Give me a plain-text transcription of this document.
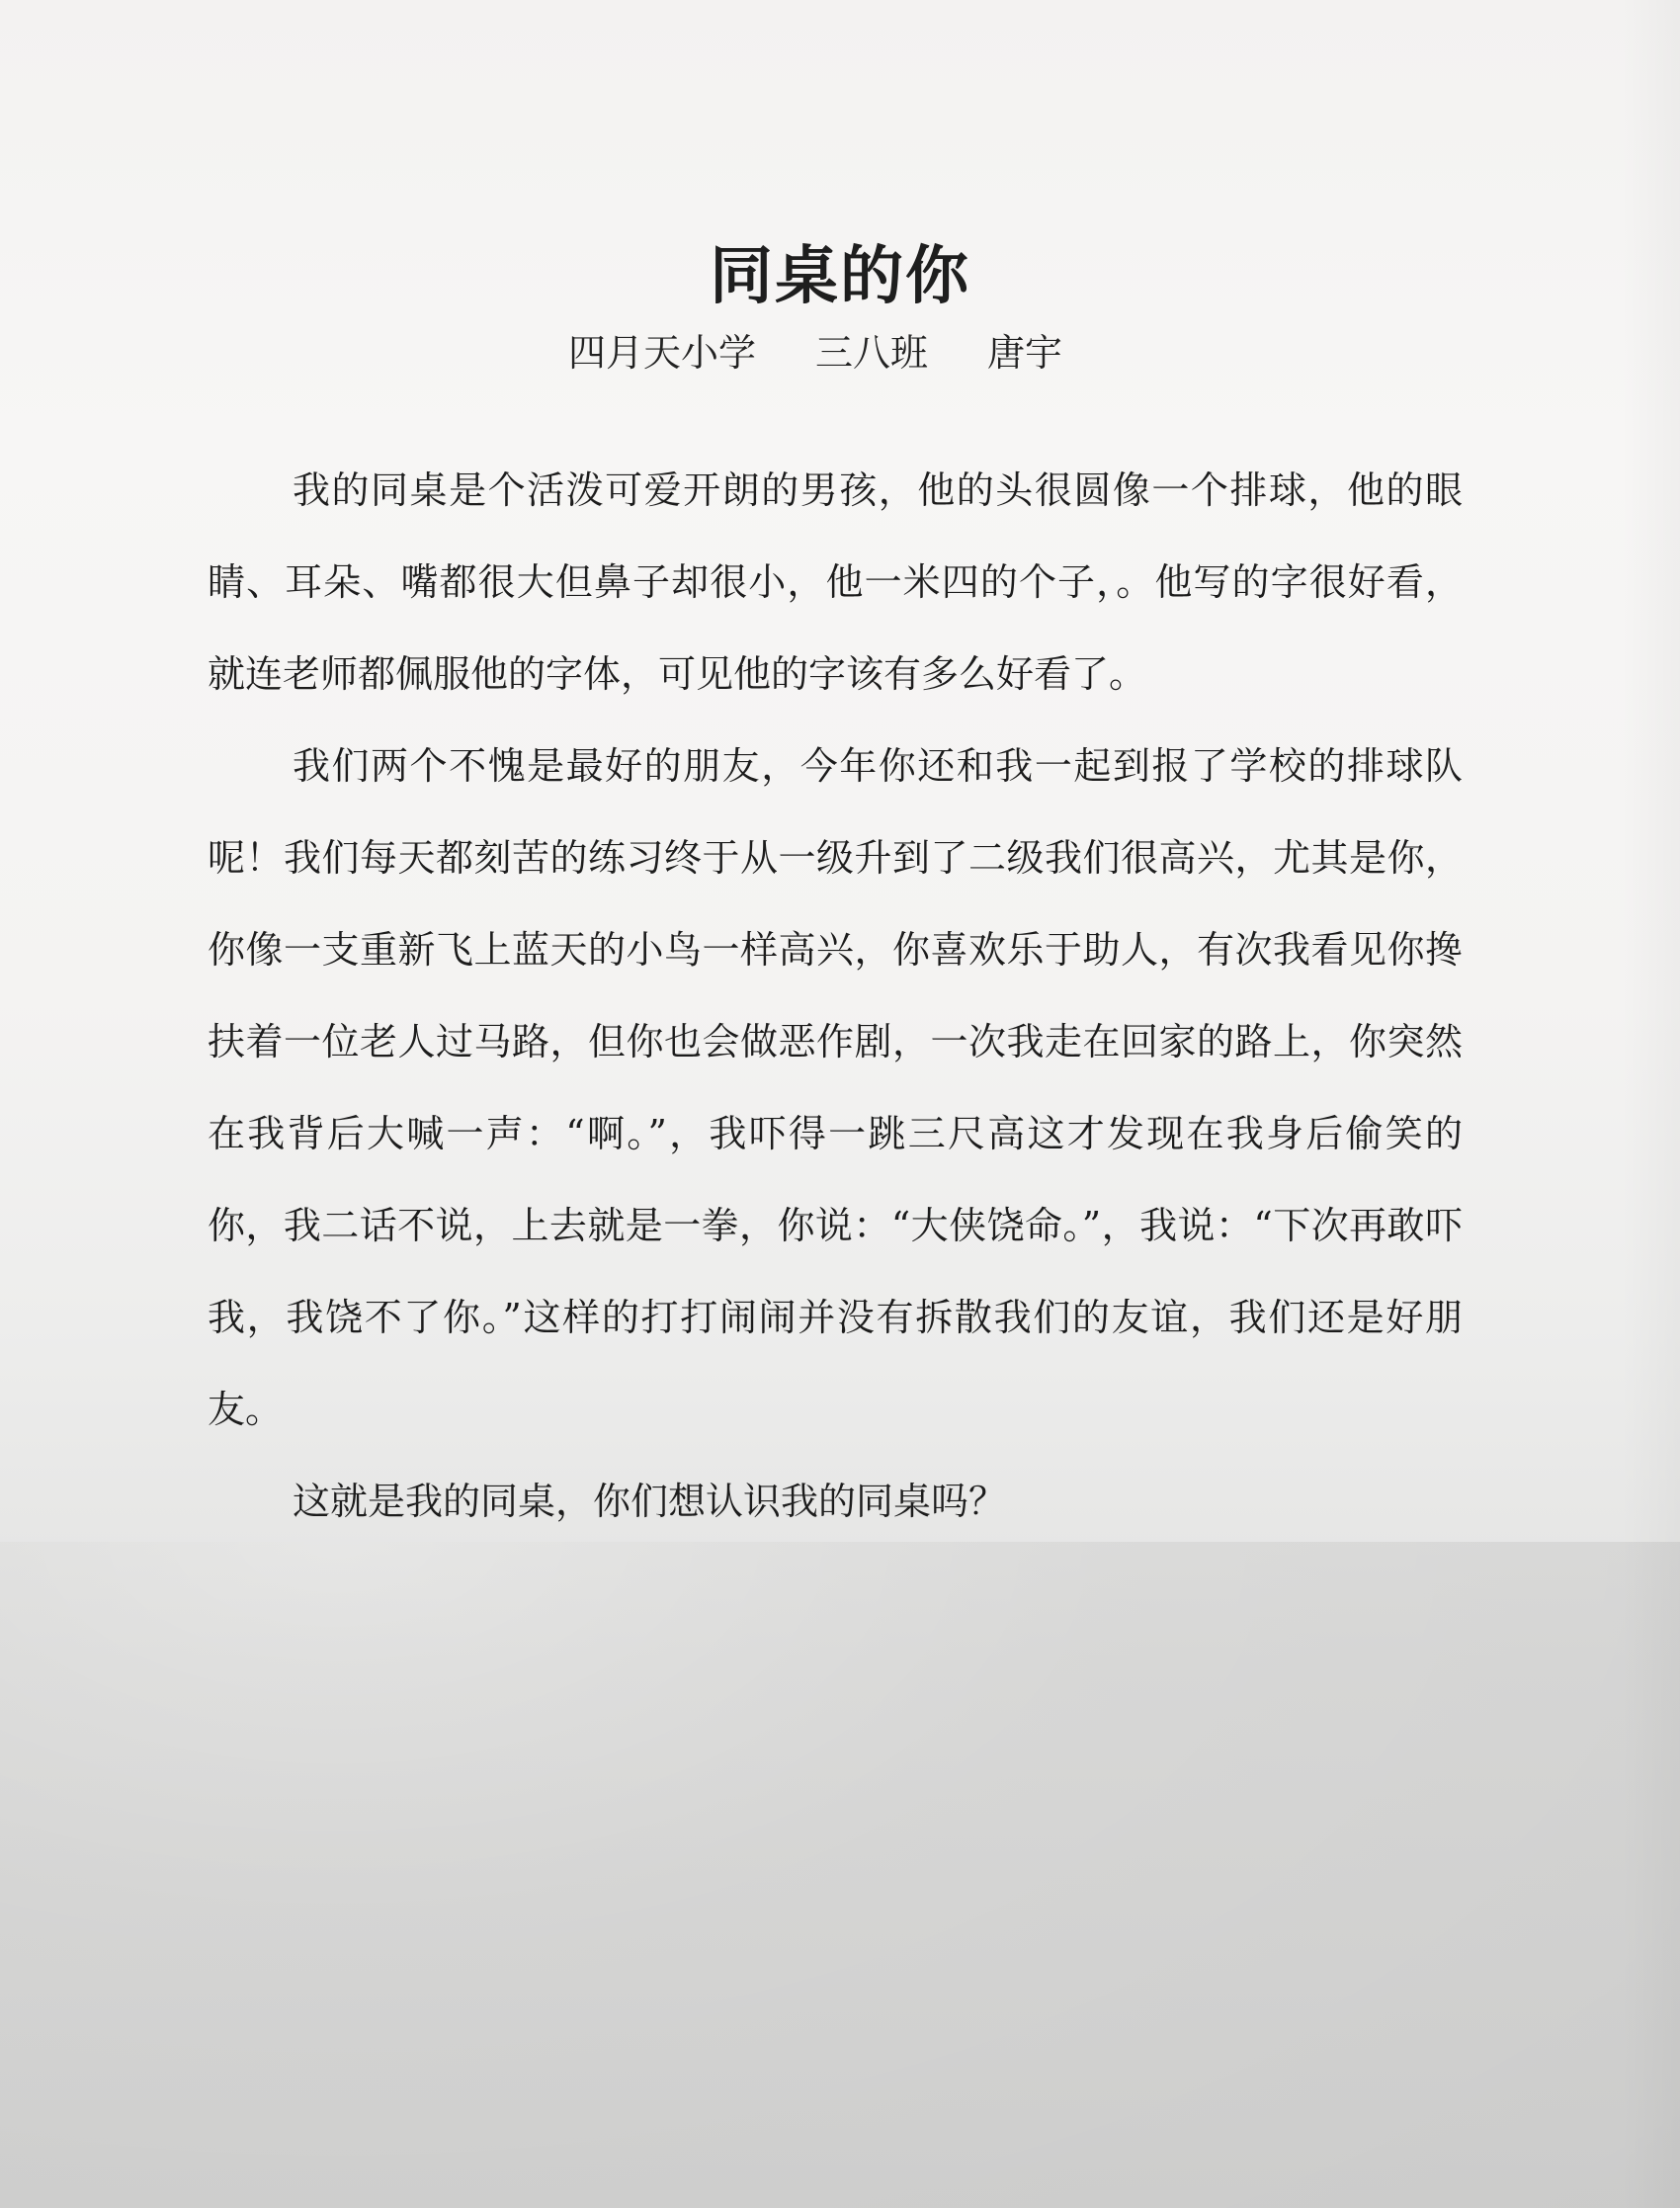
同桌的你
四月天小学 三八班 唐宇

我的同桌是个活泼可爱开朗的男孩，他的头很圆像一个排球，他的眼睛、耳朵、嘴都很大但鼻子却很小，他一米四的个子，。他写的字很好看，就连老师都佩服他的字体，可见他的字该有多么好看了。

我们两个不愧是最好的朋友，今年你还和我一起到报了学校的排球队呢！我们每天都刻苦的练习终于从一级升到了二级我们很高兴，尤其是你，你像一支重新飞上蓝天的小鸟一样高兴，你喜欢乐于助人，有次我看见你搀扶着一位老人过马路，但你也会做恶作剧，一次我走在回家的路上，你突然在我背后大喊一声：“啊。”，我吓得一跳三尺高这才发现在我身后偷笑的你，我二话不说，上去就是一拳，你说：“大侠饶命。”，我说：“下次再敢吓我，我饶不了你。”这样的打打闹闹并没有拆散我们的友谊，我们还是好朋友。

这就是我的同桌，你们想认识我的同桌吗？
